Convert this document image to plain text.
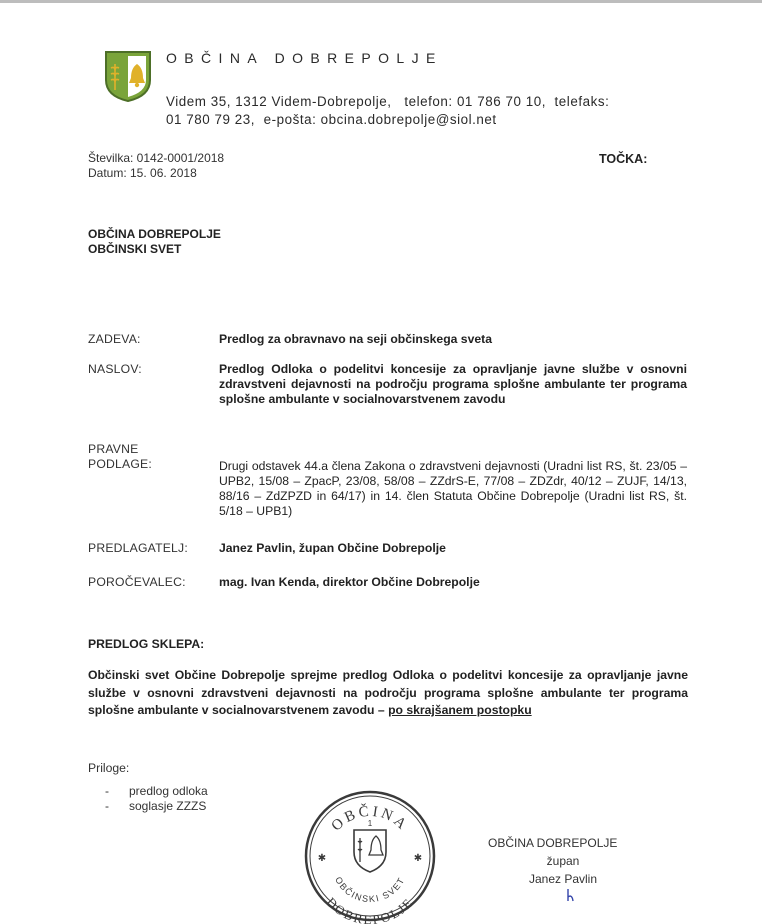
OBČINA DOBREPOLJE
Videm 35, 1312 Videm-Dobrepolje,   telefon: 01 786 70 10,  telefaks:
01 780 79 23,  e-pošta: obcina.dobrepolje@siol.net
Številka: 0142-0001/2018
Datum: 15. 06. 2018
TOČKA:
OBČINA DOBREPOLJE
OBČINSKI SVET
ZADEVA:	Predlog za obravnavo na seji občinskega sveta
NASLOV:	Predlog Odloka o podelitvi koncesije za opravljanje javne službe v osnovni zdravstveni dejavnosti na področju programa splošne ambulante ter programa splošne ambulante v socialnovarstvenem zavodu
PRAVNE
PODLAGE:	Drugi odstavek 44.a člena Zakona o zdravstveni dejavnosti (Uradni list RS, št. 23/05 – UPB2, 15/08 – ZpacP, 23/08, 58/08 – ZZdrS-E, 77/08 – ZDZdr, 40/12 – ZUJF, 14/13, 88/16 – ZdZPZD in 64/17) in 14. člen Statuta Občine Dobrepolje (Uradni list RS, št. 5/18 – UPB1)
PREDLAGATELJ:	Janez Pavlin, župan Občine Dobrepolje
POROČEVALEC:	mag. Ivan Kenda, direktor Občine Dobrepolje
PREDLOG SKLEPA:
Občinski svet Občine Dobrepolje sprejme predlog Odloka o podelitvi koncesije za opravljanje javne službe v osnovni zdravstveni dejavnosti na področju programa splošne ambulante ter programa splošne ambulante v socialnovarstvenem zavodu – po skrajšanem postopku
Priloge:
- predlog odloka
- soglasje ZZZS
OBČINA
OBČINSKI SVET
DOBREPOLJE
✱	✱
1
OBČINA DOBREPOLJE
župan
Janez Pavlin
